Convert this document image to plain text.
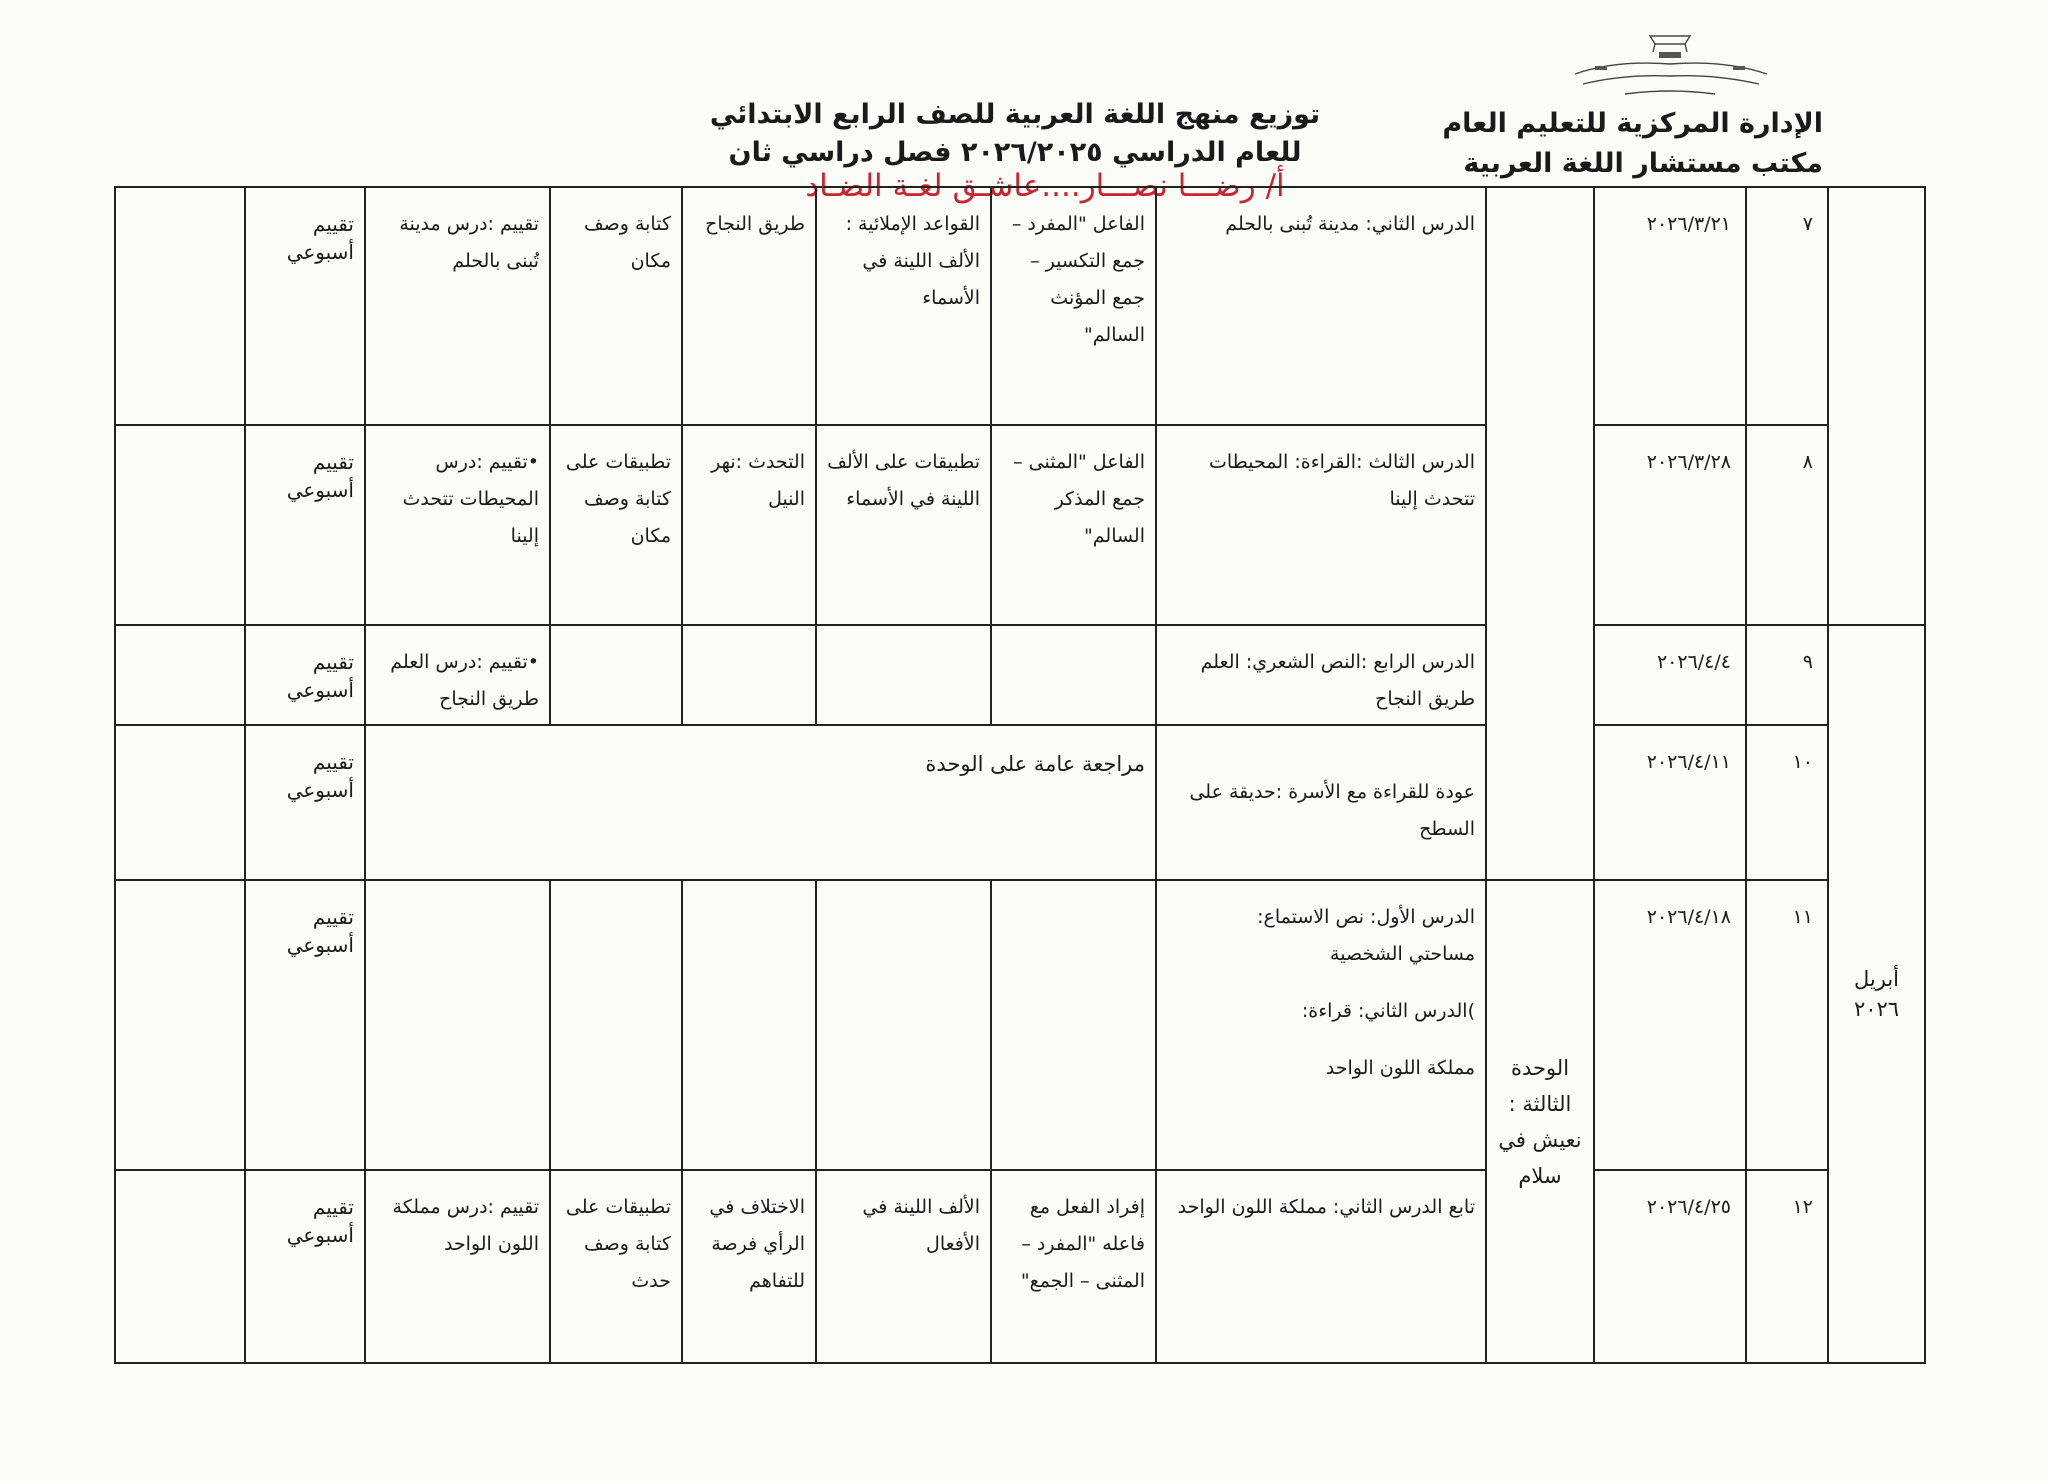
الإدارة المركزية للتعليم العام
مكتب مستشار اللغة العربية
توزيع منهج اللغة العربية للصف الرابع الابتدائي
للعام الدراسي ٢٠٢٦/٢٠٢٥ فصل دراسي ثان
أ/ رضـــا نصـــار....عاشـق لغـة الضـاد
	تقييم أسبوعي	تقييم :درس مدينة تُبنى بالحلم	كتابة وصف مكان	طريق النجاح	القواعد الإملائية : الألف اللينة في الأسماء	الفاعل "المفرد – جمع التكسير – جمع المؤنث السالم"	الدرس الثاني: مدينة تُبنى بالحلم		٢٠٢٦/٣/٢١	٧	
	تقييم أسبوعي	•تقييم :درس المحيطات تتحدث إلينا	تطبيقات على كتابة وصف مكان	التحدث :نهر النيل	تطبيقات على الألف اللينة في الأسماء	الفاعل "المثنى – جمع المذكر السالم"	الدرس الثالث :القراءة: المحيطات تتحدث إلينا		٢٠٢٦/٣/٢٨	٨	
	تقييم أسبوعي	•تقييم :درس العلم طريق النجاح					الدرس الرابع :النص الشعري: العلم طريق النجاح		٢٠٢٦/٤/٤	٩	أبريل ٢٠٢٦
	تقييم أسبوعي	مراجعة عامة على الوحدة					عودة للقراءة مع الأسرة :حديقة على السطح		٢٠٢٦/٤/١١	١٠	
	تقييم أسبوعي						الدرس الأول: نص الاستماع:
مساحتي الشخصية
)الدرس الثاني: قراءة:
مملكة اللون الواحد	الوحدة الثالثة : نعيش في سلام	٢٠٢٦/٤/١٨	١١	
	تقييم أسبوعي	تقييم :درس مملكة اللون الواحد	تطبيقات على كتابة وصف حدث	الاختلاف في الرأي فرصة للتفاهم	الألف اللينة في الأفعال	إفراد الفعل مع فاعله "المفرد – المثنى – الجمع"	تابع الدرس الثاني: مملكة اللون الواحد		٢٠٢٦/٤/٢٥	١٢	
